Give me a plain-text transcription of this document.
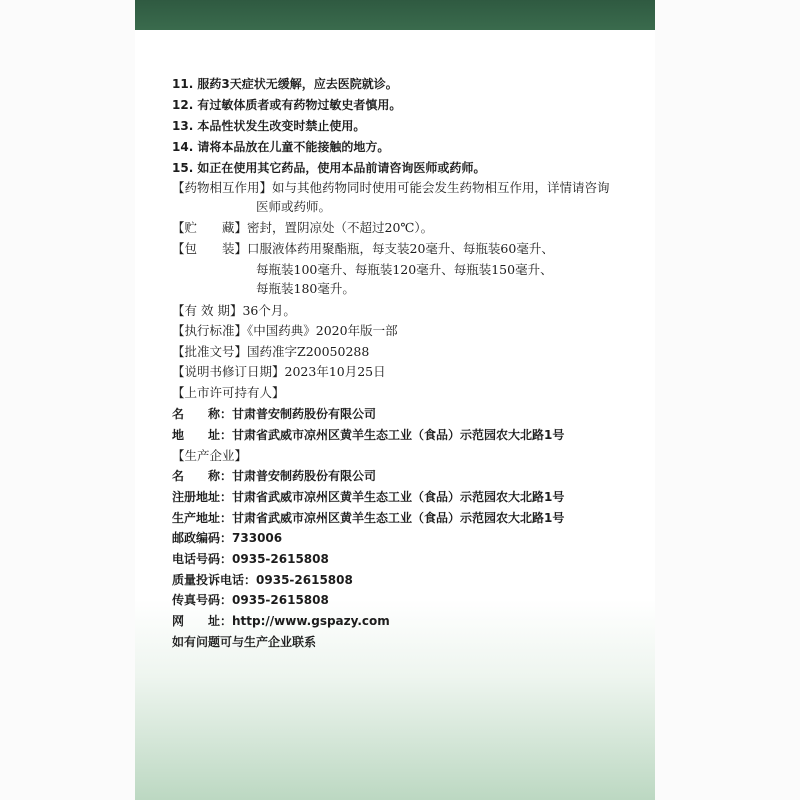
11. 服药3天症状无缓解，应去医院就诊。
12. 有过敏体质者或有药物过敏史者慎用。
13. 本品性状发生改变时禁止使用。
14. 请将本品放在儿童不能接触的地方。
15. 如正在使用其它药品，使用本品前请咨询医师或药师。
【药物相互作用】如与其他药物同时使用可能会发生药物相互作用，详情请咨询
医师或药师。
【贮　　藏】密封，置阴凉处（不超过20℃）。
【包　　装】口服液体药用聚酯瓶，每支装20毫升、每瓶装60毫升、
每瓶装100毫升、每瓶装120毫升、每瓶装150毫升、
每瓶装180毫升。
【有 效 期】36个月。
【执行标准】《中国药典》2020年版一部
【批准文号】国药准字Z20050288
【说明书修订日期】2023年10月25日
【上市许可持有人】
名　　称：甘肃普安制药股份有限公司
地　　址：甘肃省武威市凉州区黄羊生态工业（食品）示范园农大北路1号
【生产企业】
名　　称：甘肃普安制药股份有限公司
注册地址：甘肃省武威市凉州区黄羊生态工业（食品）示范园农大北路1号
生产地址：甘肃省武威市凉州区黄羊生态工业（食品）示范园农大北路1号
邮政编码：733006
电话号码：0935-2615808
质量投诉电话：0935-2615808
传真号码：0935-2615808
网　　址：http://www.gspazy.com
如有问题可与生产企业联系
